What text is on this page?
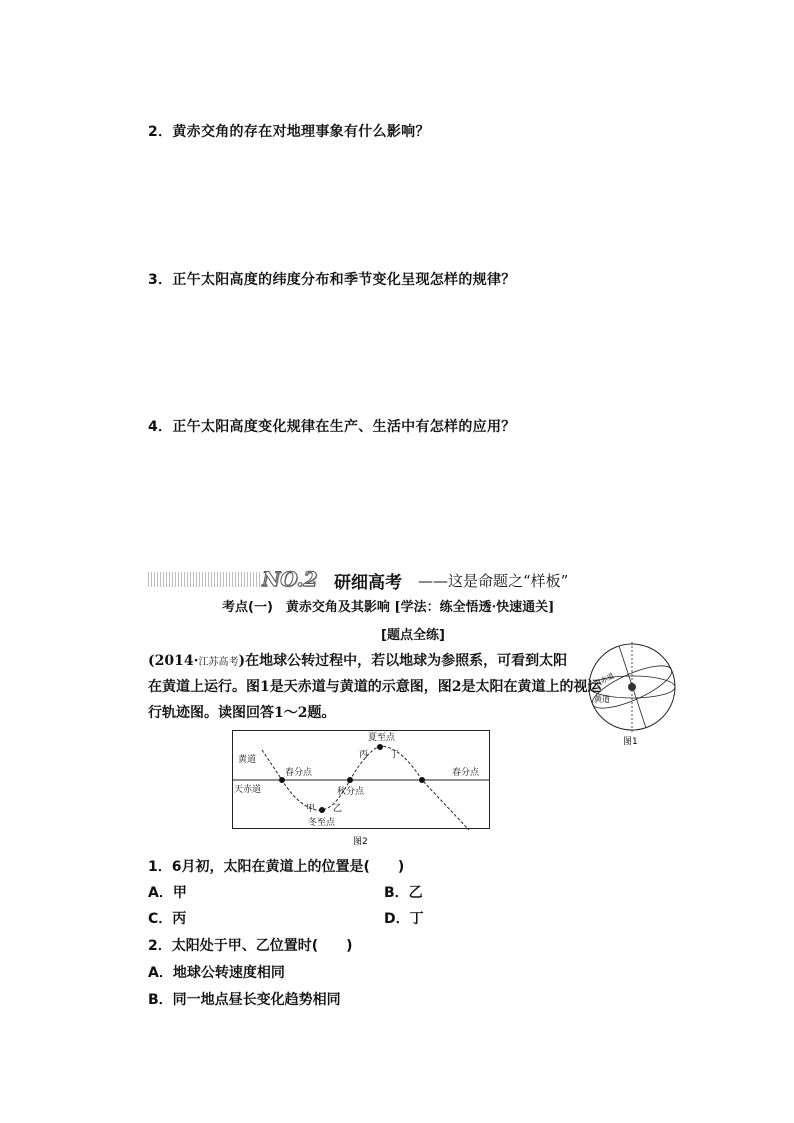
2．黄赤交角的存在对地理事象有什么影响？
3．正午太阳高度的纬度分布和季节变化呈现怎样的规律？
4．正午太阳高度变化规律在生产、生活中有怎样的应用？
NO.2 研细高考 ——这是命题之“样板”
考点(一)　黄赤交角及其影响 [学法：练全悟透·快速通关]
[题点全练]
(2014·江苏高考)在地球公转过程中，若以地球为参照系，可看到太阳
在黄道上运行。图1是天赤道与黄道的示意图，图2是太阳在黄道上的视运
行轨迹图。读图回答1～2题。
天赤道
黄道
图1
黄道
天赤道
春分点
秋分点
春分点
夏至点
冬至点
甲 乙
丙 丁
图2
1．6月初，太阳在黄道上的位置是(　　)
A．甲	B．乙
C．丙	D．丁
2．太阳处于甲、乙位置时(　　)
A．地球公转速度相同
B．同一地点昼长变化趋势相同
